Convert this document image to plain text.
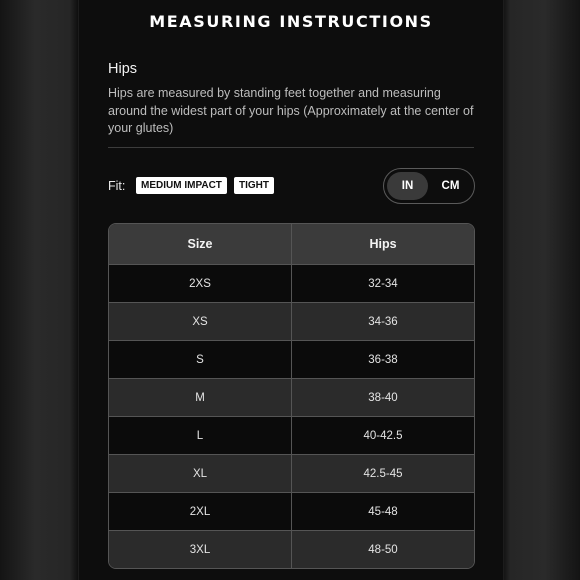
MEASURING INSTRUCTIONS
Hips
Hips are measured by standing feet together and measuring around the widest part of your hips (Approximately at the center of your glutes)
Fit:	MEDIUM IMPACT	TIGHT	IN	CM
Size	Hips
2XS	32-34
XS	34-36
S	36-38
M	38-40
L	40-42.5
XL	42.5-45
2XL	45-48
3XL	48-50
